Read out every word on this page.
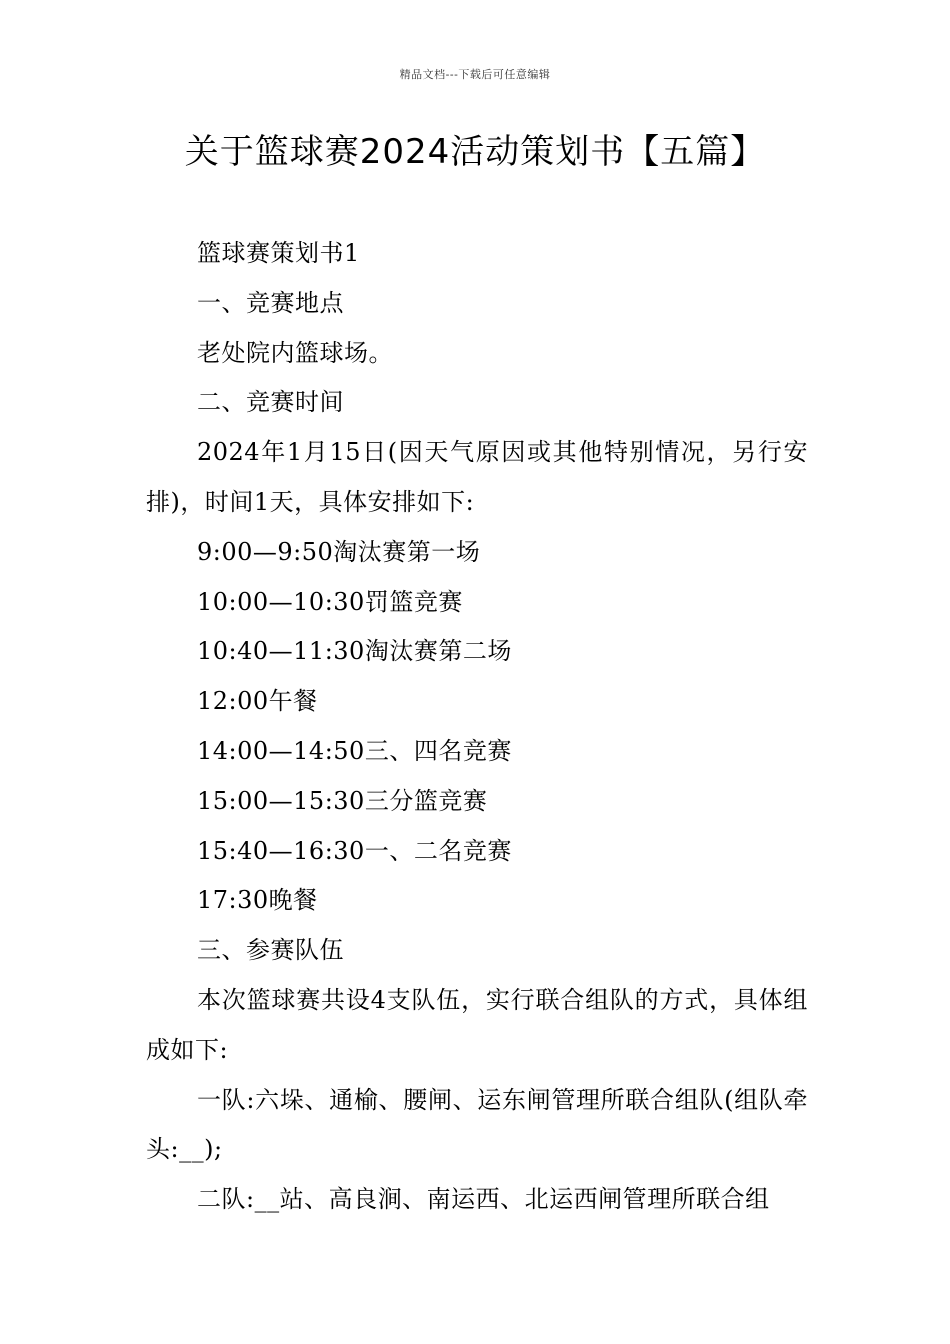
精品文档---下载后可任意编辑
关于篮球赛2024活动策划书【五篇】

篮球赛策划书1

一、竞赛地点

老处院内篮球场。

二、竞赛时间

2024年1月15日(因天气原因或其他特别情况，另行安排)，时间1天，具体安排如下:

9:00—9:50淘汰赛第一场

10:00—10:30罚篮竞赛

10:40—11:30淘汰赛第二场

12:00午餐

14:00—14:50三、四名竞赛

15:00—15:30三分篮竞赛

15:40—16:30一、二名竞赛

17:30晚餐

三、参赛队伍

本次篮球赛共设4支队伍，实行联合组队的方式，具体组成如下:

一队:六垛、通榆、腰闸、运东闸管理所联合组队(组队牵头:__);

二队:__站、高良涧、南运西、北运西闸管理所联合组
